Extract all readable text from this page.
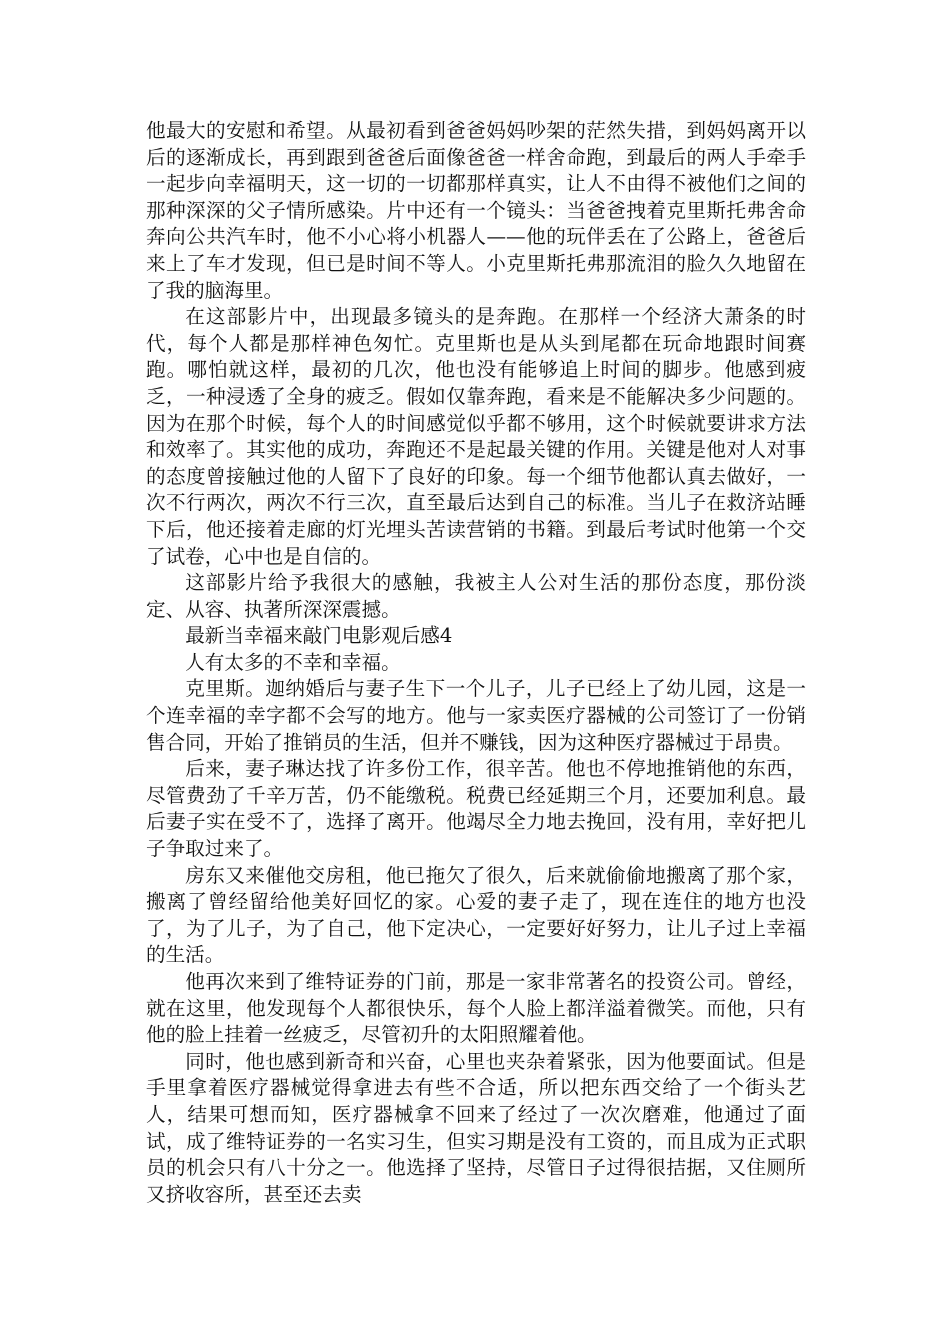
他最大的安慰和希望。从最初看到爸爸妈妈吵架的茫然失措，到妈妈离开以后的逐渐成长，再到跟到爸爸后面像爸爸一样舍命跑，到最后的两人手牵手一起步向幸福明天，这一切的一切都那样真实，让人不由得不被他们之间的那种深深的父子情所感染。片中还有一个镜头：当爸爸拽着克里斯托弗舍命奔向公共汽车时，他不小心将小机器人——他的玩伴丢在了公路上，爸爸后来上了车才发现，但已是时间不等人。小克里斯托弗那流泪的脸久久地留在了我的脑海里。

在这部影片中，出现最多镜头的是奔跑。在那样一个经济大萧条的时代，每个人都是那样神色匆忙。克里斯也是从头到尾都在玩命地跟时间赛跑。哪怕就这样，最初的几次，他也没有能够追上时间的脚步。他感到疲乏，一种浸透了全身的疲乏。假如仅靠奔跑，看来是不能解决多少问题的。因为在那个时候，每个人的时间感觉似乎都不够用，这个时候就要讲求方法和效率了。其实他的成功，奔跑还不是起最关键的作用。关键是他对人对事的态度曾接触过他的人留下了良好的印象。每一个细节他都认真去做好，一次不行两次，两次不行三次，直至最后达到自己的标准。当儿子在救济站睡下后，他还接着走廊的灯光埋头苦读营销的书籍。到最后考试时他第一个交了试卷，心中也是自信的。

这部影片给予我很大的感触，我被主人公对生活的那份态度，那份淡定、从容、执著所深深震撼。

最新当幸福来敲门电影观后感4

人有太多的不幸和幸福。

克里斯。迦纳婚后与妻子生下一个儿子，儿子已经上了幼儿园，这是一个连幸福的幸字都不会写的地方。他与一家卖医疗器械的公司签订了一份销售合同，开始了推销员的生活，但并不赚钱，因为这种医疗器械过于昂贵。

后来，妻子琳达找了许多份工作，很辛苦。他也不停地推销他的东西，尽管费劲了千辛万苦，仍不能缴税。税费已经延期三个月，还要加利息。最后妻子实在受不了，选择了离开。他竭尽全力地去挽回，没有用，幸好把儿子争取过来了。

房东又来催他交房租，他已拖欠了很久，后来就偷偷地搬离了那个家，搬离了曾经留给他美好回忆的家。心爱的妻子走了，现在连住的地方也没了，为了儿子，为了自己，他下定决心，一定要好好努力，让儿子过上幸福的生活。

他再次来到了维特证券的门前，那是一家非常著名的投资公司。曾经，就在这里，他发现每个人都很快乐，每个人脸上都洋溢着微笑。而他，只有他的脸上挂着一丝疲乏，尽管初升的太阳照耀着他。

同时，他也感到新奇和兴奋，心里也夹杂着紧张，因为他要面试。但是手里拿着医疗器械觉得拿进去有些不合适，所以把东西交给了一个街头艺人，结果可想而知，医疗器械拿不回来了经过了一次次磨难，他通过了面试，成了维特证券的一名实习生，但实习期是没有工资的，而且成为正式职员的机会只有八十分之一。他选择了坚持，尽管日子过得很拮据，又住厕所又挤收容所，甚至还去卖
